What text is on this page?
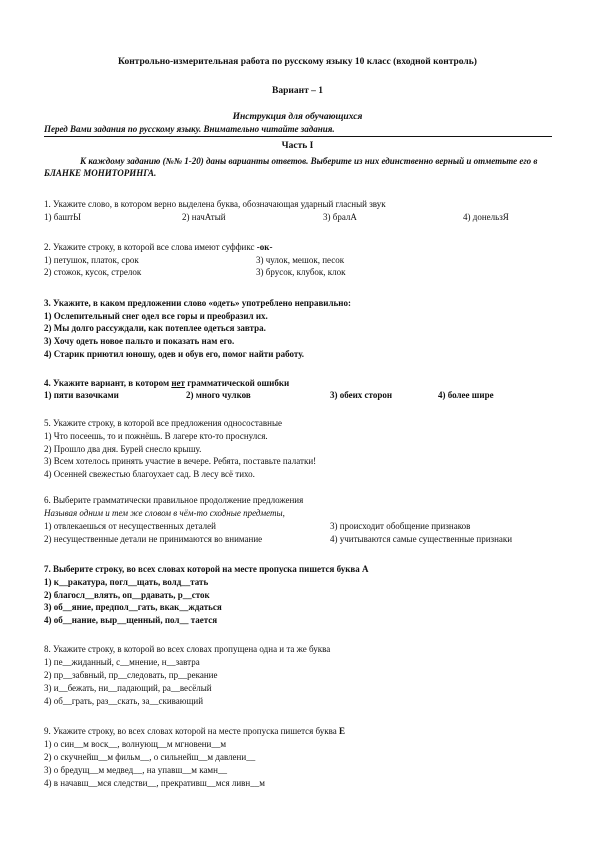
Контрольно-измерительная работа по русскому языку 10 класс (входной контроль)
Вариант – 1
Инструкция для обучающихся
Перед Вами задания по русскому языку. Внимательно читайте задания.
Часть I
К каждому заданию (№№ 1-20) даны варианты ответов. Выберите из них единственно верный и отметьте его в БЛАНКЕ МОНИТОРИНГА.
1. Укажите слово, в котором верно выделена буква, обозначающая ударный гласный звук
1) баштЫ	2) начАтый	3) бралА	4) донельзЯ
2. Укажите строку, в которой все слова имеют суффикс -ок-
1) петушок, платок, срок	3) чулок, мешок, песок
2) стожок, кусок, стрелок	3) брусок, клубок, клок
3. Укажите, в каком предложении слово «одеть» употреблено неправильно:
1) Ослепительный снег одел все горы и преобразил их.
2) Мы долго рассуждали, как потеплее одеться завтра.
3) Хочу одеть новое пальто и показать нам его.
4) Старик приютил юношу, одев и обув его, помог найти работу.
4. Укажите вариант, в котором нет грамматической ошибки
1) пяти вазочками	2) много чулков	3) обеих сторон	4) более шире
5. Укажите строку, в которой все предложения односоставные
1) Что посеешь, то и пожнёшь. В лагере кто-то проснулся.
2) Прошло два дня. Бурей снесло крышу.
3) Всем хотелось принять участие в вечере. Ребята, поставьте палатки!
4) Осенней свежестью благоухает сад. В лесу всё тихо.
6. Выберите грамматически правильное продолжение предложения
Называя одним и тем же словом в чём-то сходные предметы,
1) отвлекаешься от несущественных деталей	3) происходит обобщение признаков
2) несущественные детали не принимаются во внимание	4) учитываются самые существенные признаки
7. Выберите строку, во всех словах которой на месте пропуска пишется буква А
1) к__ракатура, погл__щать, волд__тать
2) благосл__влять, оп__рдавать, р__сток
3) об__яние, предпол__гать, вкак__ждаться
4) об__нание, выр__щенный, пол__ тается
8. Укажите строку, в которой во всех словах пропущена одна и та же буква
1) пе__жиданный, с__мнение, н__завтра
2) пр__забвный, пр__следовать, пр__рекание
3) и__бежать, ни__падающий, ра__весёлый
4) об__грать, раз__скать, за__скивающий
9. Укажите строку, во всех словах которой на месте пропуска пишется буква Е
1) о син__м воск__, волнующ__м мгновени__м
2) о скучнейш__м фильм__, о сильнейш__м давлени__
3) о бредущ__м медвед__, на упавш__м камн__
4) в начавш__мся следстви__, прекративш__мся ливн__м
